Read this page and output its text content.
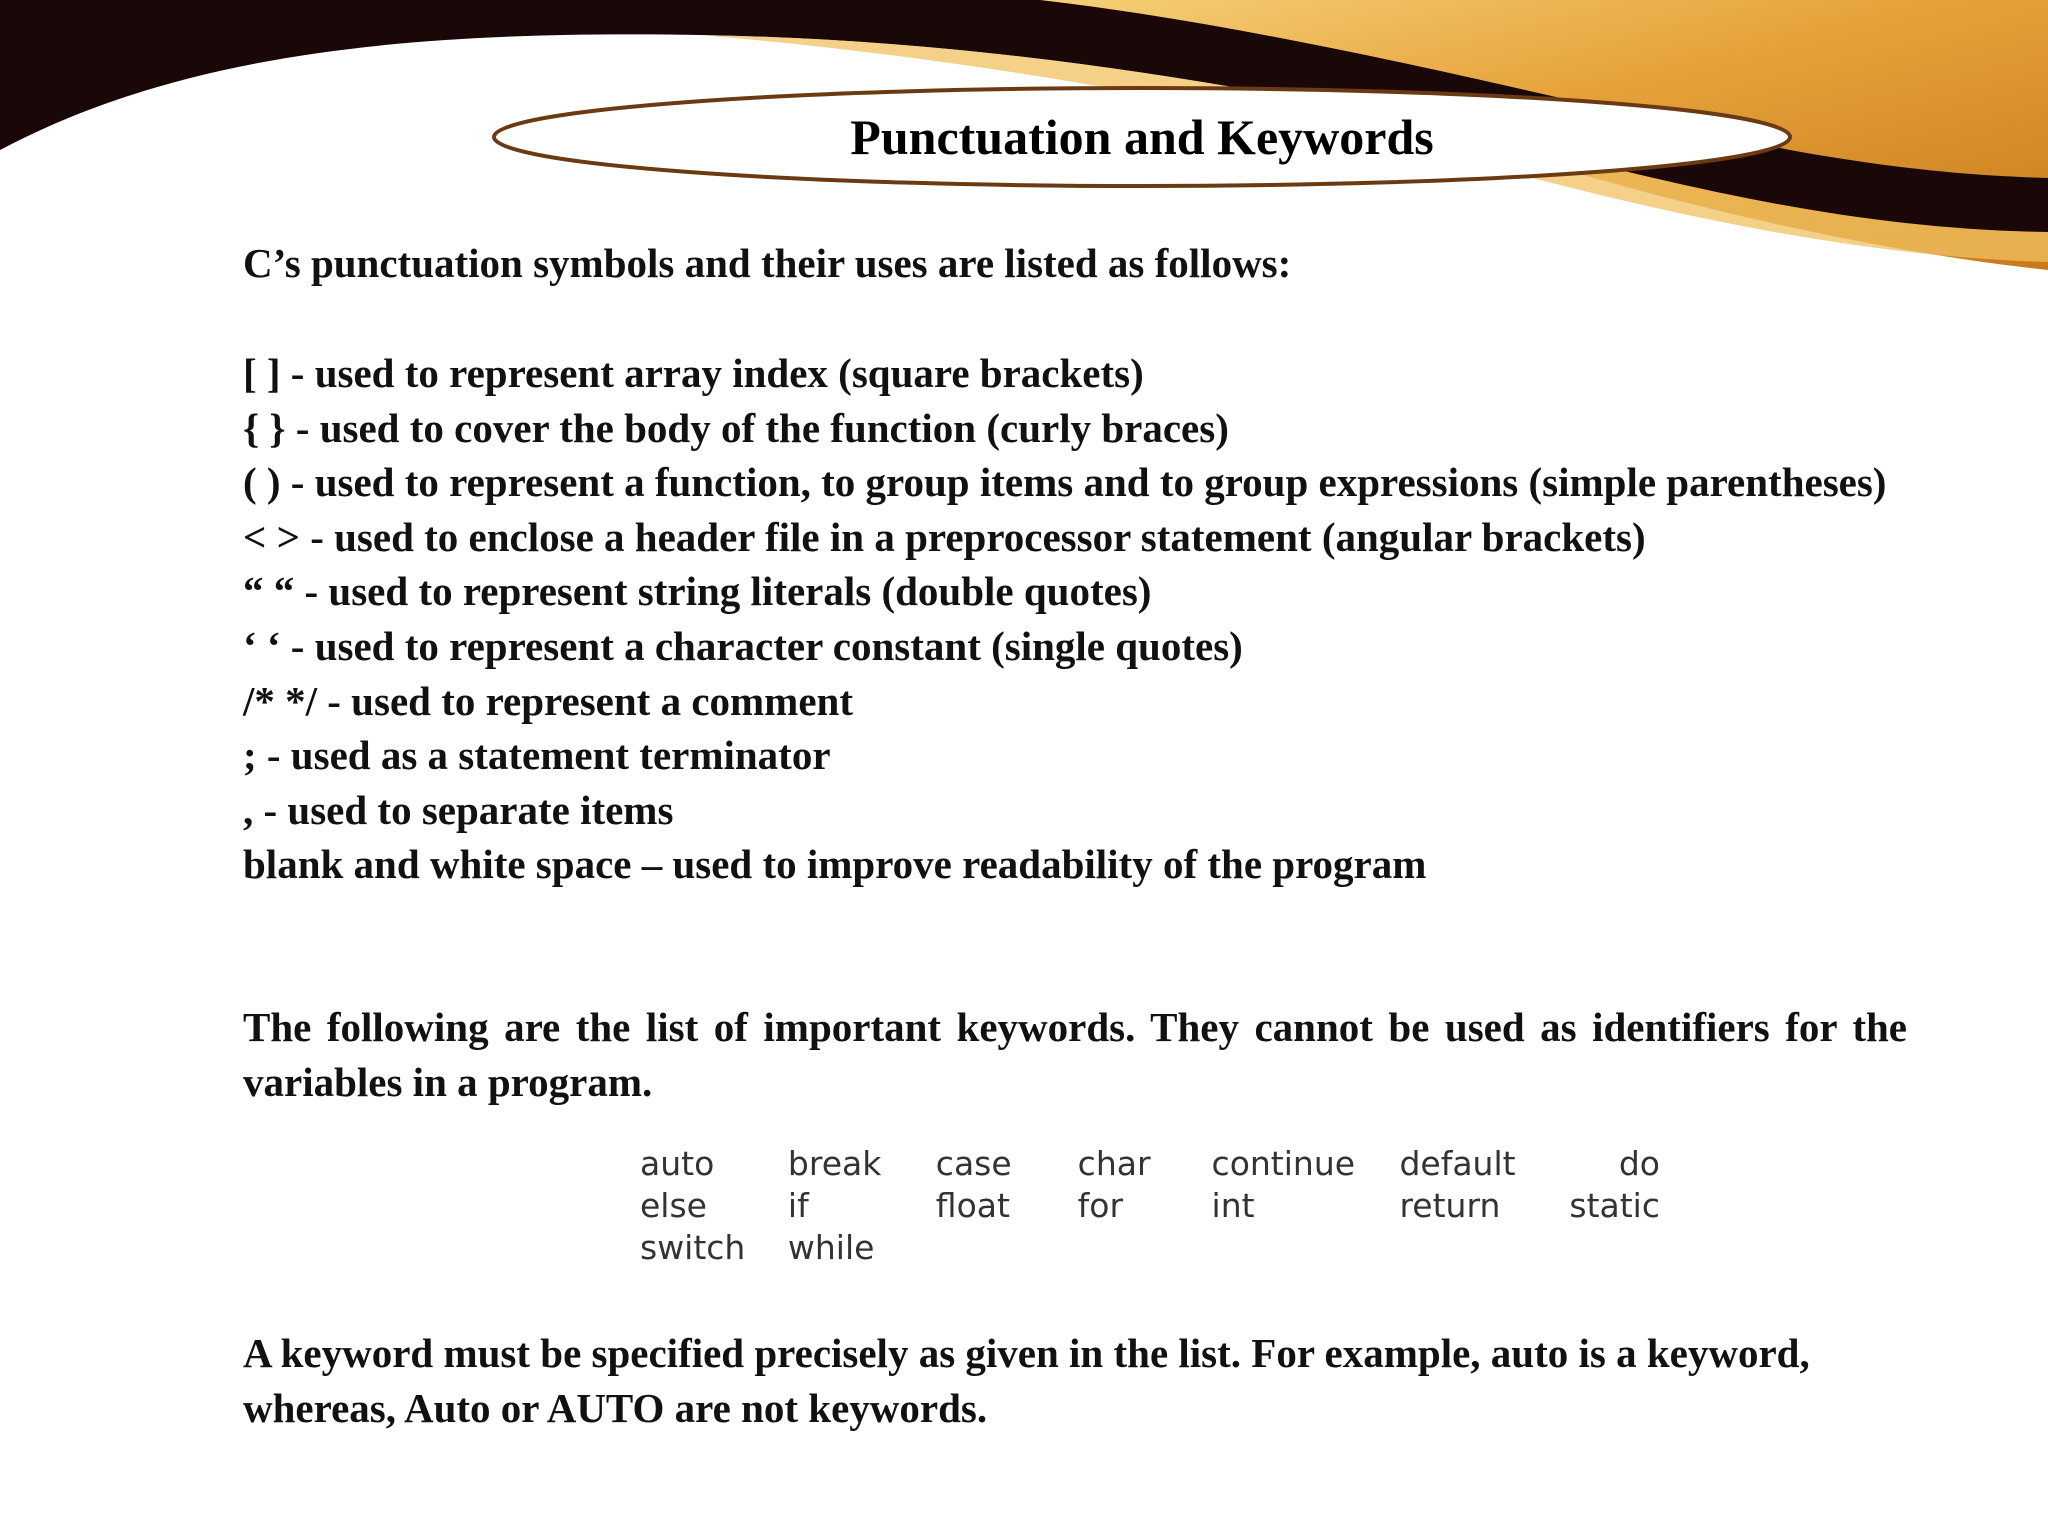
Punctuation and Keywords

C’s punctuation symbols and their uses are listed as follows:

[ ] - used to represent array index (square brackets)
{ } - used to cover the body of the function (curly braces)
( ) - used to represent a function, to group items and to group expressions (simple parentheses)
< > - used to enclose a header file in a preprocessor statement (angular brackets)
“ “ - used to represent string literals (double quotes)
‘ ‘ - used to represent a character constant (single quotes)
/* */ - used to represent a comment
; - used as a statement terminator
, - used to separate items
blank and white space – used to improve readability of the program

The following are the list of important keywords. They cannot be used as identifiers for the variables in a program.

auto	break	case	char	continue	default	do
else	if	float	for	int	return	static
switch	while					

A keyword must be specified precisely as given in the list. For example, auto is a keyword, whereas, Auto or AUTO are not keywords.
